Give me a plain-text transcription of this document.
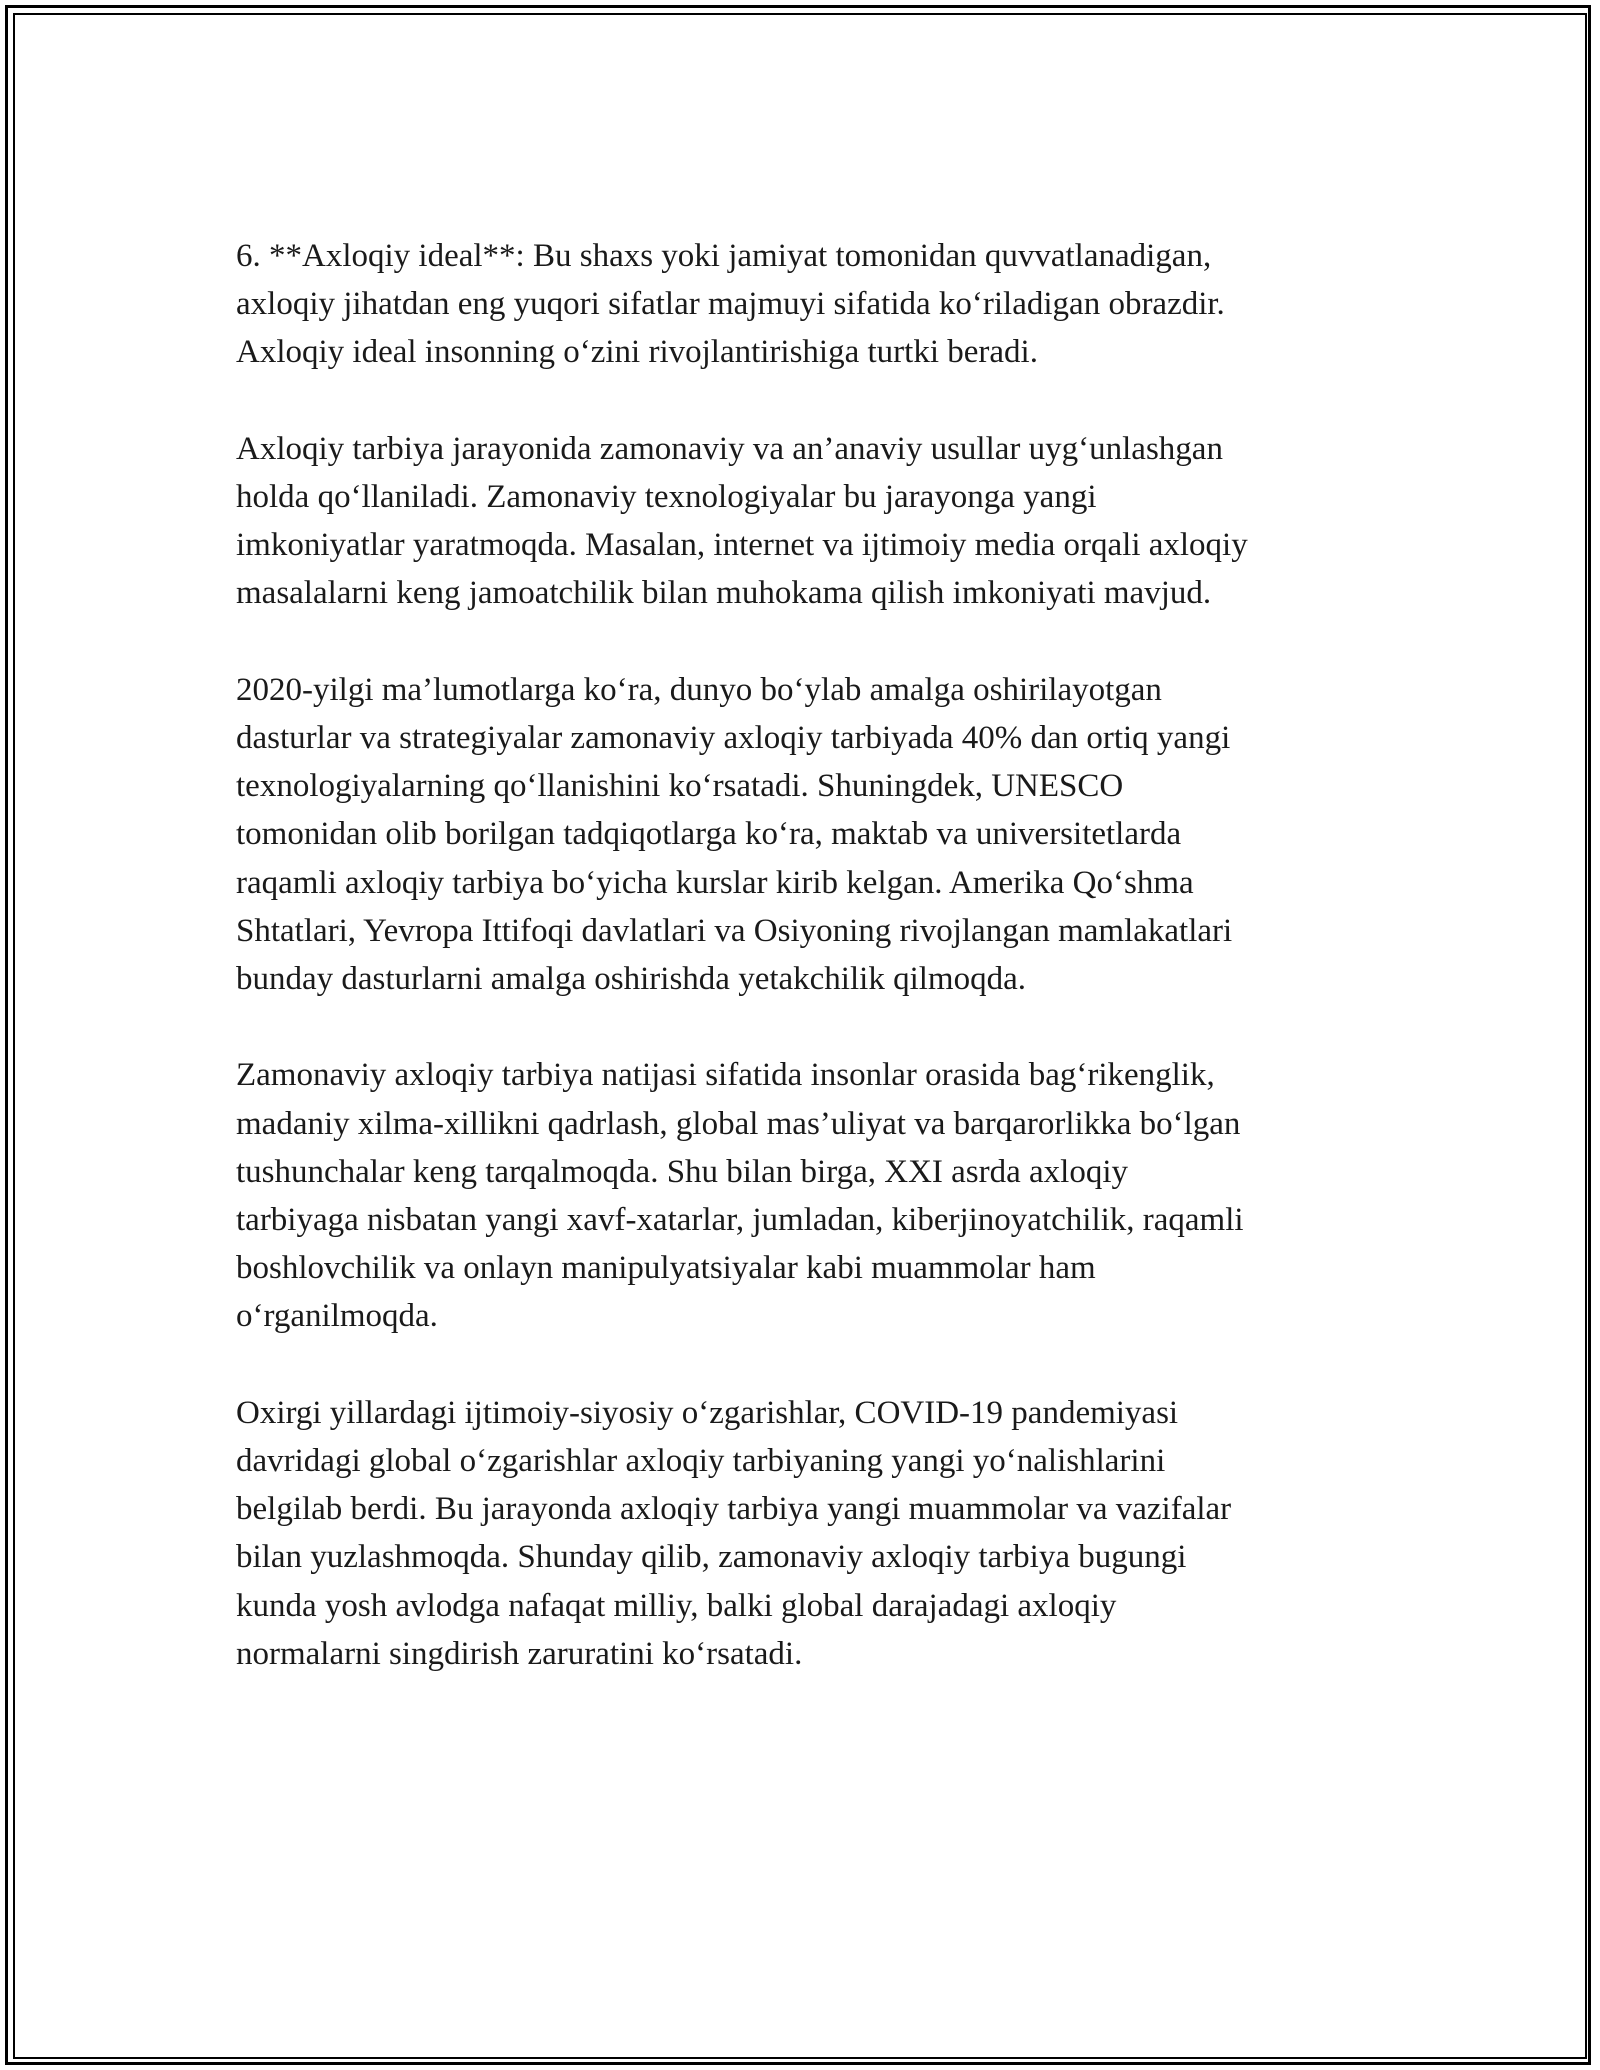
6. **Axloqiy ideal**: Bu shaxs yoki jamiyat tomonidan quvvatlanadigan,
axloqiy jihatdan eng yuqori sifatlar majmuyi sifatida koʻriladigan obrazdir.
Axloqiy ideal insonning oʻzini rivojlantirishiga turtki beradi.

Axloqiy tarbiya jarayonida zamonaviy va an’anaviy usullar uygʻunlashgan
holda qoʻllaniladi. Zamonaviy texnologiyalar bu jarayonga yangi
imkoniyatlar yaratmoqda. Masalan, internet va ijtimoiy media orqali axloqiy
masalalarni keng jamoatchilik bilan muhokama qilish imkoniyati mavjud.

2020-yilgi ma’lumotlarga koʻra, dunyo boʻylab amalga oshirilayotgan
dasturlar va strategiyalar zamonaviy axloqiy tarbiyada 40% dan ortiq yangi
texnologiyalarning qoʻllanishini koʻrsatadi. Shuningdek, UNESCO
tomonidan olib borilgan tadqiqotlarga koʻra, maktab va universitetlarda
raqamli axloqiy tarbiya boʻyicha kurslar kirib kelgan. Amerika Qoʻshma
Shtatlari, Yevropa Ittifoqi davlatlari va Osiyoning rivojlangan mamlakatlari
bunday dasturlarni amalga oshirishda yetakchilik qilmoqda.

Zamonaviy axloqiy tarbiya natijasi sifatida insonlar orasida bagʻrikenglik,
madaniy xilma-xillikni qadrlash, global mas’uliyat va barqarorlikka boʻlgan
tushunchalar keng tarqalmoqda. Shu bilan birga, XXI asrda axloqiy
tarbiyaga nisbatan yangi xavf-xatarlar, jumladan, kiberjinoyatchilik, raqamli
boshlovchilik va onlayn manipulyatsiyalar kabi muammolar ham
oʻrganilmoqda.

Oxirgi yillardagi ijtimoiy-siyosiy oʻzgarishlar, COVID-19 pandemiyasi
davridagi global oʻzgarishlar axloqiy tarbiyaning yangi yoʻnalishlarini
belgilab berdi. Bu jarayonda axloqiy tarbiya yangi muammolar va vazifalar
bilan yuzlashmoqda. Shunday qilib, zamonaviy axloqiy tarbiya bugungi
kunda yosh avlodga nafaqat milliy, balki global darajadagi axloqiy
normalarni singdirish zaruratini koʻrsatadi.
